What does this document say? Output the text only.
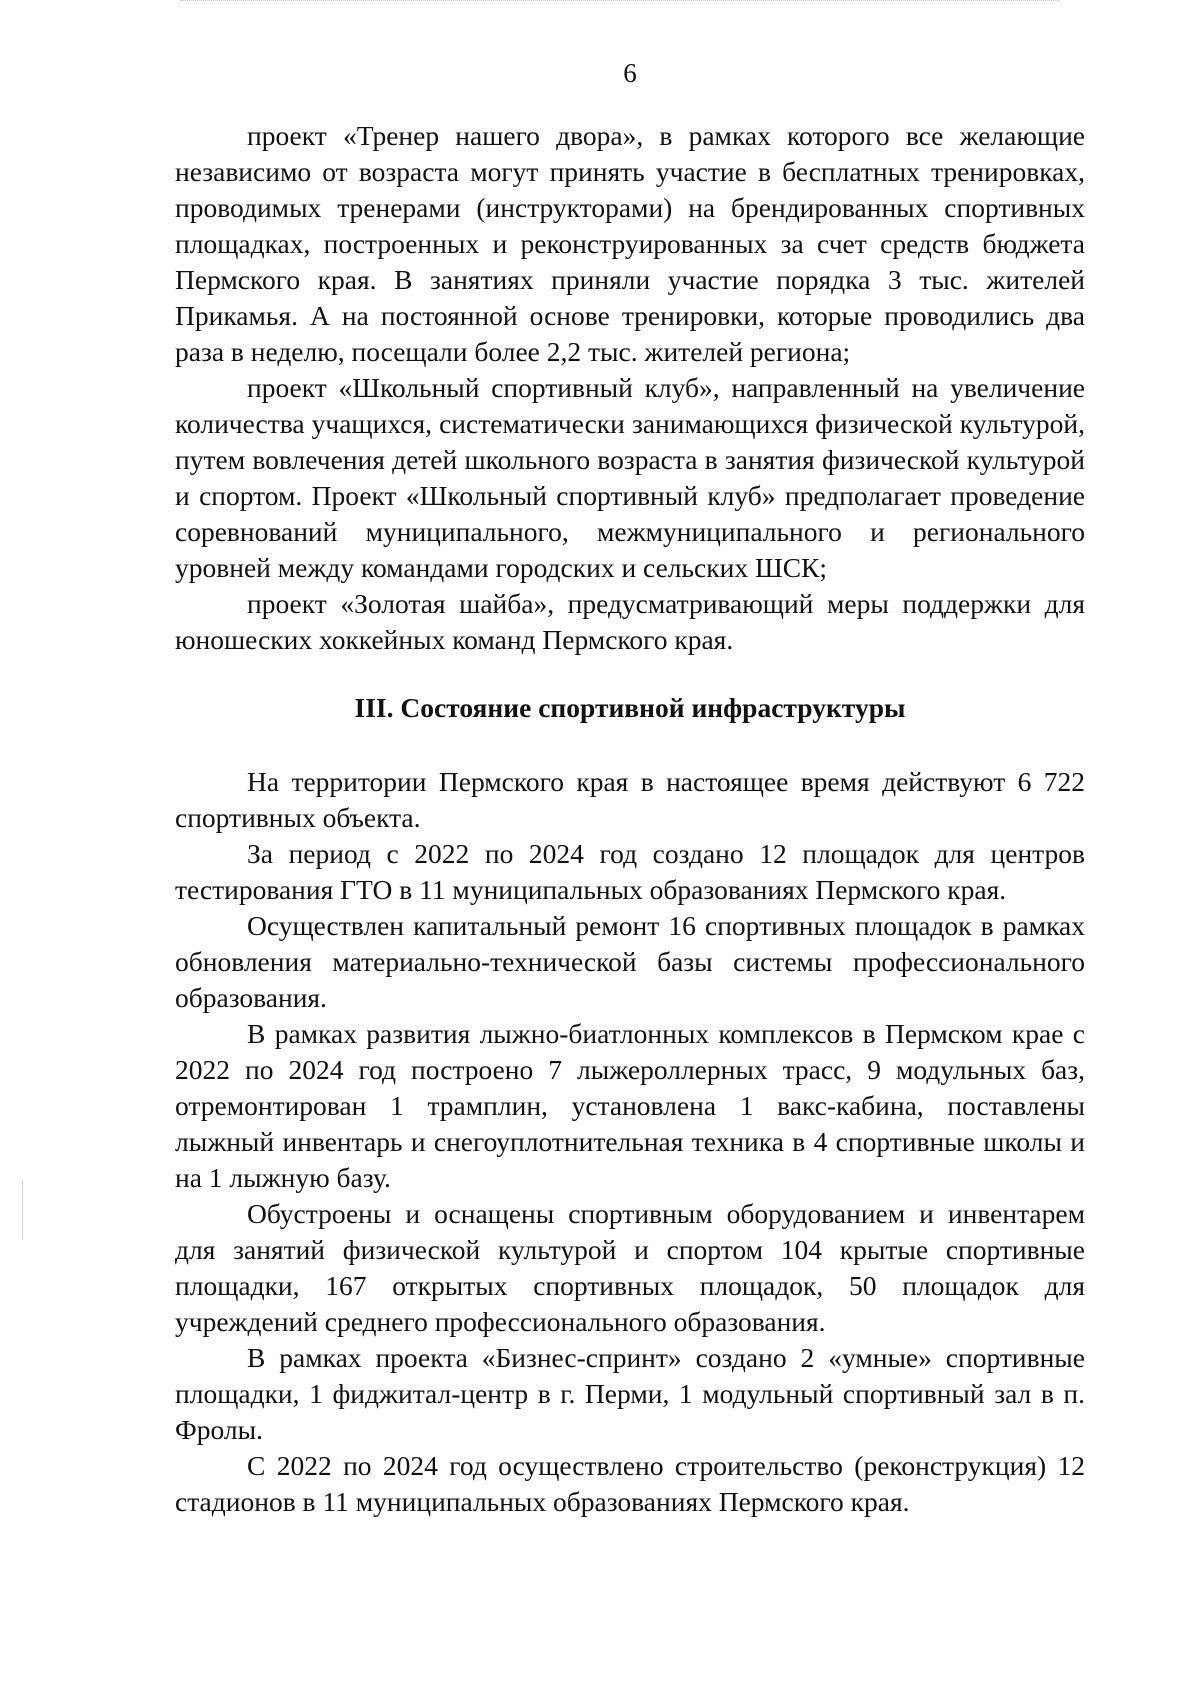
6

проект «Тренер нашего двора», в рамках которого все желающие независимо от возраста могут принять участие в бесплатных тренировках, проводимых тренерами (инструкторами) на брендированных спортивных площадках, построенных и реконструированных за счет средств бюджета Пермского края. В занятиях приняли участие порядка 3 тыс. жителей Прикамья. А на постоянной основе тренировки, которые проводились два раза в неделю, посещали более 2,2 тыс. жителей региона;

проект «Школьный спортивный клуб», направленный на увеличение количества учащихся, систематически занимающихся физической культурой, путем вовлечения детей школьного возраста в занятия физической культурой и спортом. Проект «Школьный спортивный клуб» предполагает проведение соревнований муниципального, межмуниципального и регионального уровней между командами городских и сельских ШСК;

проект «Золотая шайба», предусматривающий меры поддержки для юношеских хоккейных команд Пермского края.

III. Состояние спортивной инфраструктуры

На территории Пермского края в настоящее время действуют 6 722 спортивных объекта.

За период с 2022 по 2024 год создано 12 площадок для центров тестирования ГТО в 11 муниципальных образованиях Пермского края.

Осуществлен капитальный ремонт 16 спортивных площадок в рамках обновления материально-технической базы системы профессионального образования.

В рамках развития лыжно-биатлонных комплексов в Пермском крае с 2022 по 2024 год построено 7 лыжероллерных трасс, 9 модульных баз, отремонтирован 1 трамплин, установлена 1 вакс-кабина, поставлены лыжный инвентарь и снегоуплотнительная техника в 4 спортивные школы и на 1 лыжную базу.

Обустроены и оснащены спортивным оборудованием и инвентарем для занятий физической культурой и спортом 104 крытые спортивные площадки, 167 открытых спортивных площадок, 50 площадок для учреждений среднего профессионального образования.

В рамках проекта «Бизнес-спринт» создано 2 «умные» спортивные площадки, 1 фиджитал-центр в г. Перми, 1 модульный спортивный зал в п. Фролы.

С 2022 по 2024 год осуществлено строительство (реконструкция) 12 стадионов в 11 муниципальных образованиях Пермского края.
